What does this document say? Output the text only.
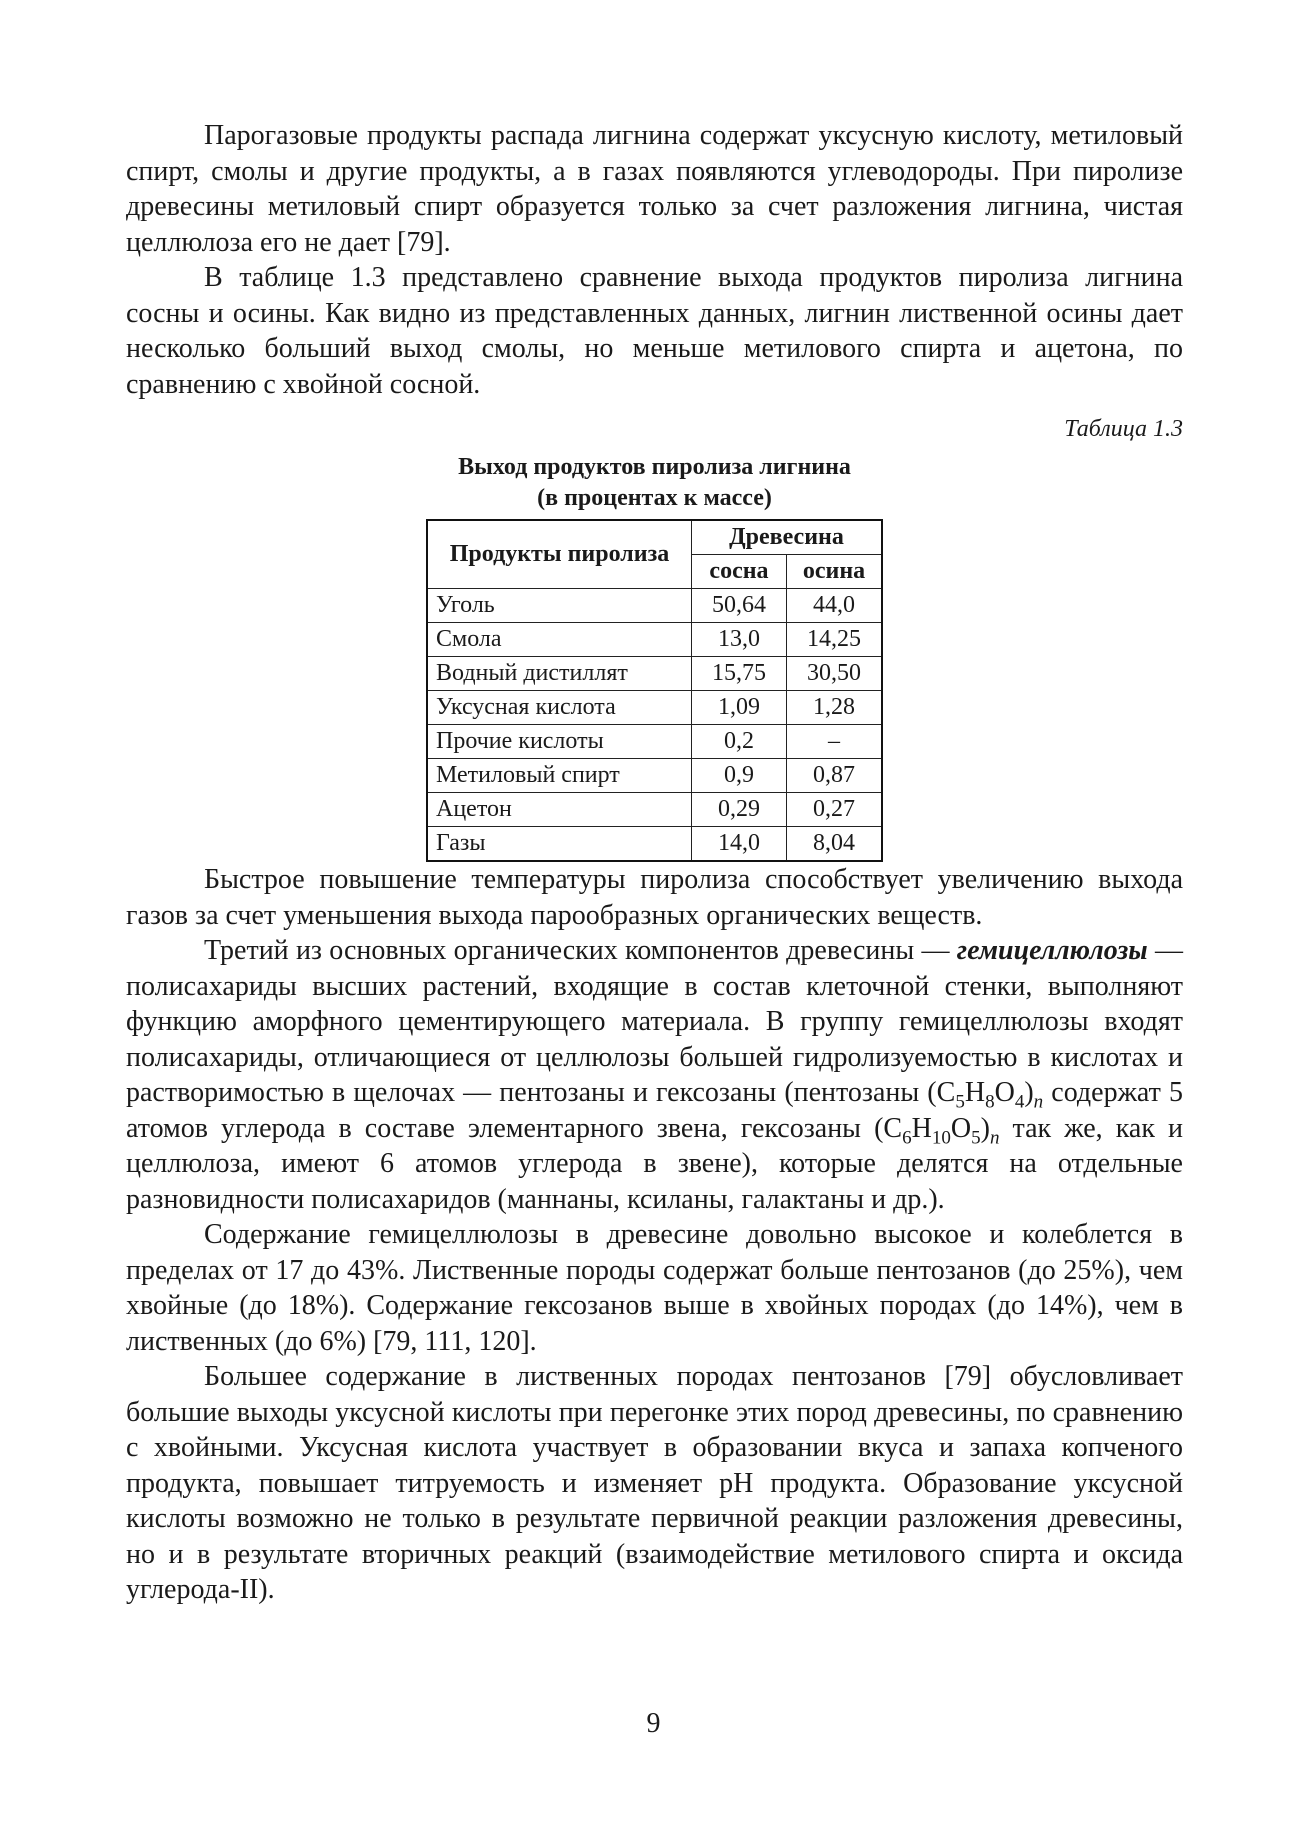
Парогазовые продукты распада лигнина содержат уксусную кислоту, метиловый спирт, смолы и другие продукты, а в газах появляются углеводороды. При пиролизе древесины метиловый спирт образуется только за счет разложения лигнина, чистая целлюлоза его не дает [79].

В таблице 1.3 представлено сравнение выхода продуктов пиролиза лигнина сосны и осины. Как видно из представленных данных, лигнин лиственной осины дает несколько больший выход смолы, но меньше метилового спирта и ацетона, по сравнению с хвойной сосной.

Таблица 1.3
Выход продуктов пиролиза лигнина
(в процентах к массе)
Продукты пиролиза	Древесина	
	сосна	осина
Уголь	50,64	44,0
Смола	13,0	14,25
Водный дистиллят	15,75	30,50
Уксусная кислота	1,09	1,28
Прочие кислоты	0,2	–
Метиловый спирт	0,9	0,87
Ацетон	0,29	0,27
Газы	14,0	8,04

Быстрое повышение температуры пиролиза способствует увеличению выхода газов за счет уменьшения выхода парообразных органических веществ.

Третий из основных органических компонентов древесины — гемицеллюлозы — полисахариды высших растений, входящие в состав клеточной стенки, выполняют функцию аморфного цементирующего материала. В группу гемицеллюлозы входят полисахариды, отличающиеся от целлюлозы большей гидролизуемостью в кислотах и растворимостью в щелочах — пентозаны и гексозаны (пентозаны $(C_5H_8O_4)_n$ содержат 5 атомов углерода в составе элементарного звена, гексозаны $(C_6H_{10}O_5)_n$ так же, как и целлюлоза, имеют 6 атомов углерода в звене), которые делятся на отдельные разновидности полисахаридов (маннаны, ксиланы, галактаны и др.).

Содержание гемицеллюлозы в древесине довольно высокое и колеблется в пределах от 17 до 43%. Лиственные породы содержат больше пентозанов (до 25%), чем хвойные (до 18%). Содержание гексозанов выше в хвойных породах (до 14%), чем в лиственных (до 6%) [79, 111, 120].

Большее содержание в лиственных породах пентозанов [79] обусловливает большие выходы уксусной кислоты при перегонке этих пород древесины, по сравнению с хвойными. Уксусная кислота участвует в образовании вкуса и запаха копченого продукта, повышает титруемость и изменяет pH продукта. Образование уксусной кислоты возможно не только в результате первичной реакции разложения древесины, но и в результате вторичных реакций (взаимодействие метилового спирта и оксида углерода-II).

9
